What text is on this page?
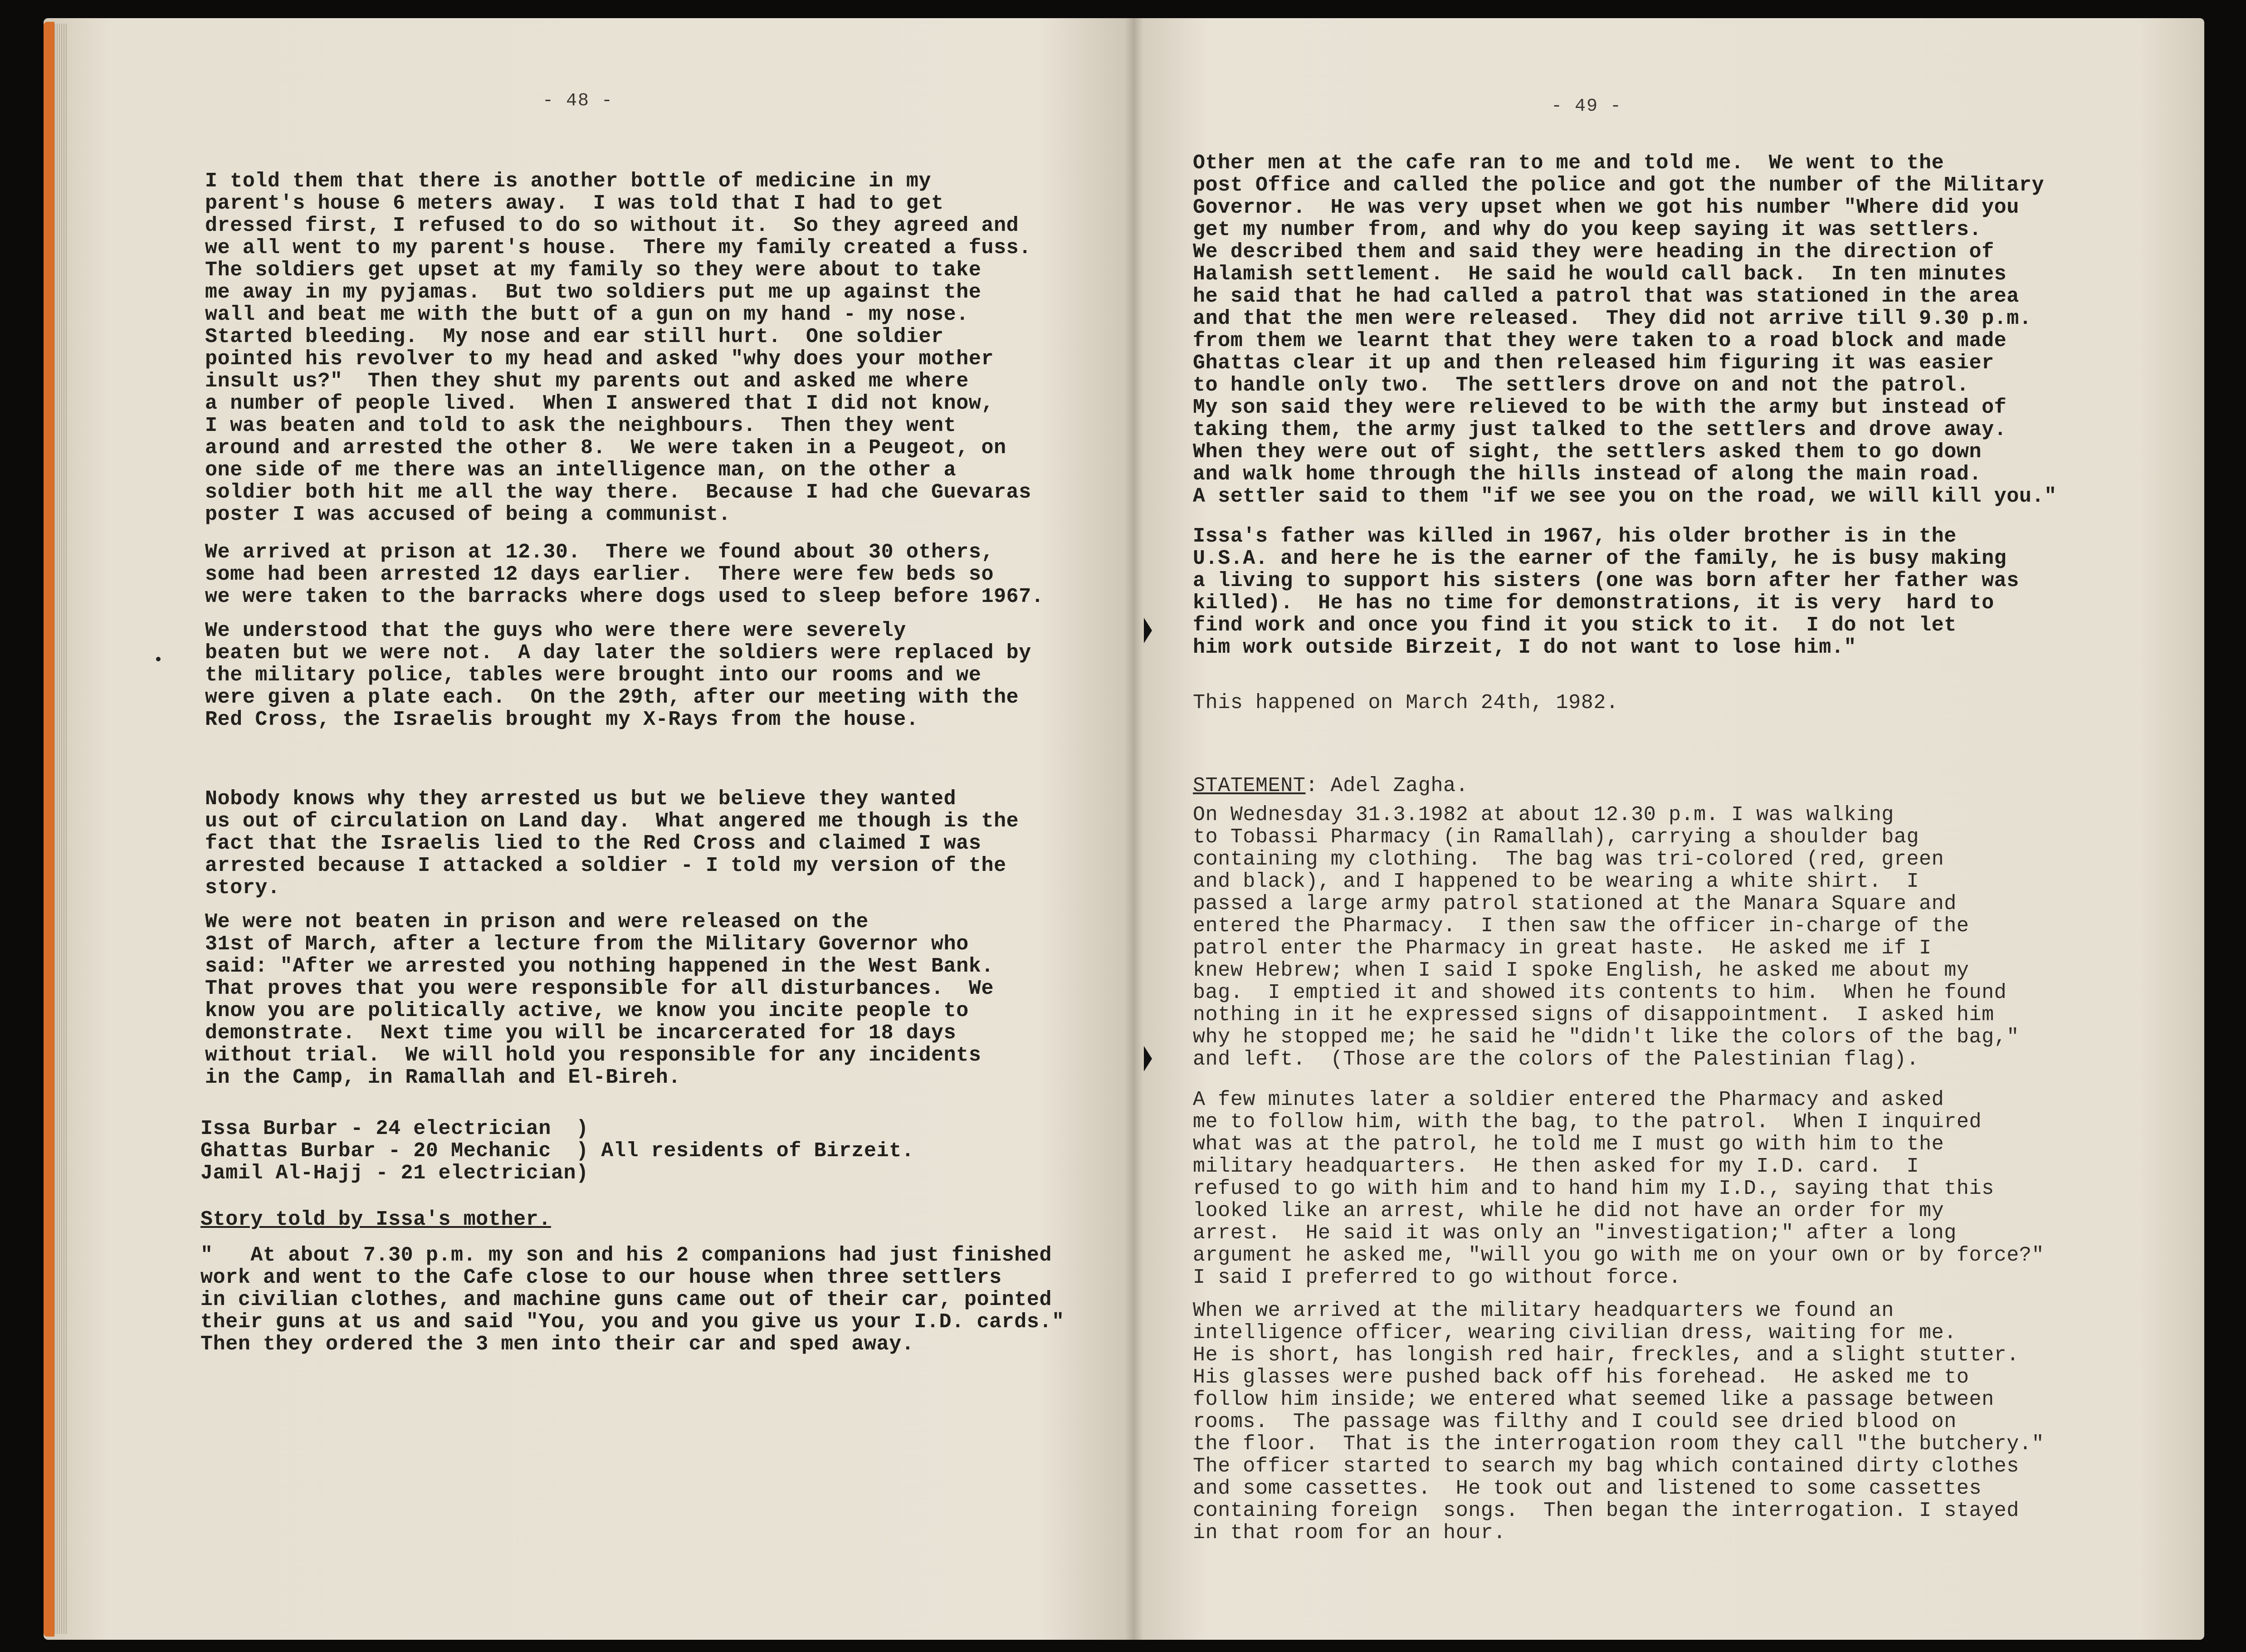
- 48 -
I told them that there is another bottle of medicine in my
parent's house 6 meters away.  I was told that I had to get
dressed first, I refused to do so without it.  So they agreed and
we all went to my parent's house.  There my family created a fuss.
The soldiers get upset at my family so they were about to take
me away in my pyjamas.  But two soldiers put me up against the
wall and beat me with the butt of a gun on my hand - my nose.
Started bleeding.  My nose and ear still hurt.  One soldier
pointed his revolver to my head and asked "why does your mother
insult us?"  Then they shut my parents out and asked me where
a number of people lived.  When I answered that I did not know,
I was beaten and told to ask the neighbours.  Then they went
around and arrested the other 8.  We were taken in a Peugeot, on
one side of me there was an intelligence man, on the other a
soldier both hit me all the way there.  Because I had che Guevaras
poster I was accused of being a communist.
We arrived at prison at 12.30.  There we found about 30 others,
some had been arrested 12 days earlier.  There were few beds so
we were taken to the barracks where dogs used to sleep before 1967.
We understood that the guys who were there were severely
beaten but we were not.  A day later the soldiers were replaced by
the military police, tables were brought into our rooms and we
were given a plate each.  On the 29th, after our meeting with the
Red Cross, the Israelis brought my X-Rays from the house.
Nobody knows why they arrested us but we believe they wanted
us out of circulation on Land day.  What angered me though is the
fact that the Israelis lied to the Red Cross and claimed I was
arrested because I attacked a soldier - I told my version of the
story.
We were not beaten in prison and were released on the
31st of March, after a lecture from the Military Governor who
said: "After we arrested you nothing happened in the West Bank.
That proves that you were responsible for all disturbances.  We
know you are politically active, we know you incite people to
demonstrate.  Next time you will be incarcerated for 18 days
without trial.  We will hold you responsible for any incidents
in the Camp, in Ramallah and El-Bireh.
Issa Burbar - 24 electrician  )
Ghattas Burbar - 20 Mechanic  ) All residents of Birzeit.
Jamil Al-Hajj - 21 electrician)
Story told by Issa's mother.
"   At about 7.30 p.m. my son and his 2 companions had just finished
work and went to the Cafe close to our house when three settlers
in civilian clothes, and machine guns came out of their car, pointed
their guns at us and said "You, you and you give us your I.D. cards."
Then they ordered the 3 men into their car and sped away.
- 49 -
Other men at the cafe ran to me and told me.  We went to the
post Office and called the police and got the number of the Military
Governor.  He was very upset when we got his number "Where did you
get my number from, and why do you keep saying it was settlers.
We described them and said they were heading in the direction of
Halamish settlement.  He said he would call back.  In ten minutes
he said that he had called a patrol that was stationed in the area
and that the men were released.  They did not arrive till 9.30 p.m.
from them we learnt that they were taken to a road block and made
Ghattas clear it up and then released him figuring it was easier
to handle only two.  The settlers drove on and not the patrol.
My son said they were relieved to be with the army but instead of
taking them, the army just talked to the settlers and drove away.
When they were out of sight, the settlers asked them to go down
and walk home through the hills instead of along the main road.
A settler said to them "if we see you on the road, we will kill you."
Issa's father was killed in 1967, his older brother is in the
U.S.A. and here he is the earner of the family, he is busy making
a living to support his sisters (one was born after her father was
killed).  He has no time for demonstrations, it is very  hard to
find work and once you find it you stick to it.  I do not let
him work outside Birzeit, I do not want to lose him."
This happened on March 24th, 1982.
STATEMENT: Adel Zagha.
On Wednesday 31.3.1982 at about 12.30 p.m. I was walking
to Tobassi Pharmacy (in Ramallah), carrying a shoulder bag
containing my clothing.  The bag was tri-colored (red, green
and black), and I happened to be wearing a white shirt.  I
passed a large army patrol stationed at the Manara Square and
entered the Pharmacy.  I then saw the officer in-charge of the
patrol enter the Pharmacy in great haste.  He asked me if I
knew Hebrew; when I said I spoke English, he asked me about my
bag.  I emptied it and showed its contents to him.  When he found
nothing in it he expressed signs of disappointment.  I asked him
why he stopped me; he said he "didn't like the colors of the bag,"
and left.  (Those are the colors of the Palestinian flag).
A few minutes later a soldier entered the Pharmacy and asked
me to follow him, with the bag, to the patrol.  When I inquired
what was at the patrol, he told me I must go with him to the
military headquarters.  He then asked for my I.D. card.  I
refused to go with him and to hand him my I.D., saying that this
looked like an arrest, while he did not have an order for my
arrest.  He said it was only an "investigation;" after a long
argument he asked me, "will you go with me on your own or by force?"
I said I preferred to go without force.
When we arrived at the military headquarters we found an
intelligence officer, wearing civilian dress, waiting for me.
He is short, has longish red hair, freckles, and a slight stutter.
His glasses were pushed back off his forehead.  He asked me to
follow him inside; we entered what seemed like a passage between
rooms.  The passage was filthy and I could see dried blood on
the floor.  That is the interrogation room they call "the butchery."
The officer started to search my bag which contained dirty clothes
and some cassettes.  He took out and listened to some cassettes
containing foreign  songs.  Then began the interrogation. I stayed
in that room for an hour.
